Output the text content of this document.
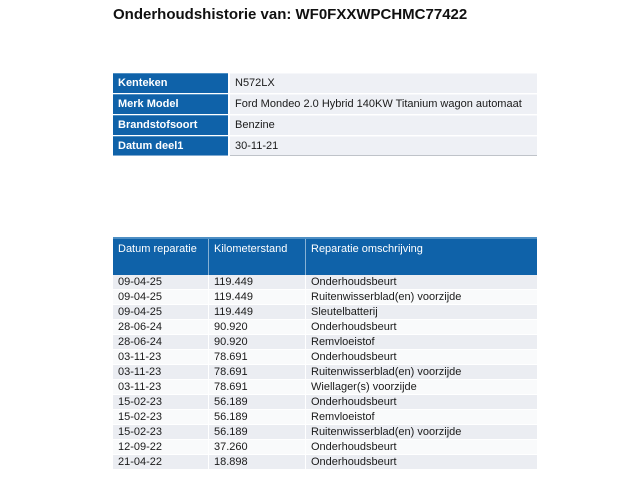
Onderhoudshistorie van: WF0FXXWPCHMC77422
Kenteken	N572LX
Merk Model	Ford Mondeo 2.0 Hybrid 140KW Titanium wagon automaat
Brandstofsoort	Benzine
Datum deel1	30-11-21
Datum reparatie	Kilometerstand	Reparatie omschrijving
09-04-25	119.449	Onderhoudsbeurt
09-04-25	119.449	Ruitenwisserblad(en) voorzijde
09-04-25	119.449	Sleutelbatterij
28-06-24	90.920	Onderhoudsbeurt
28-06-24	90.920	Remvloeistof
03-11-23	78.691	Onderhoudsbeurt
03-11-23	78.691	Ruitenwisserblad(en) voorzijde
03-11-23	78.691	Wiellager(s) voorzijde
15-02-23	56.189	Onderhoudsbeurt
15-02-23	56.189	Remvloeistof
15-02-23	56.189	Ruitenwisserblad(en) voorzijde
12-09-22	37.260	Onderhoudsbeurt
21-04-22	18.898	Onderhoudsbeurt
